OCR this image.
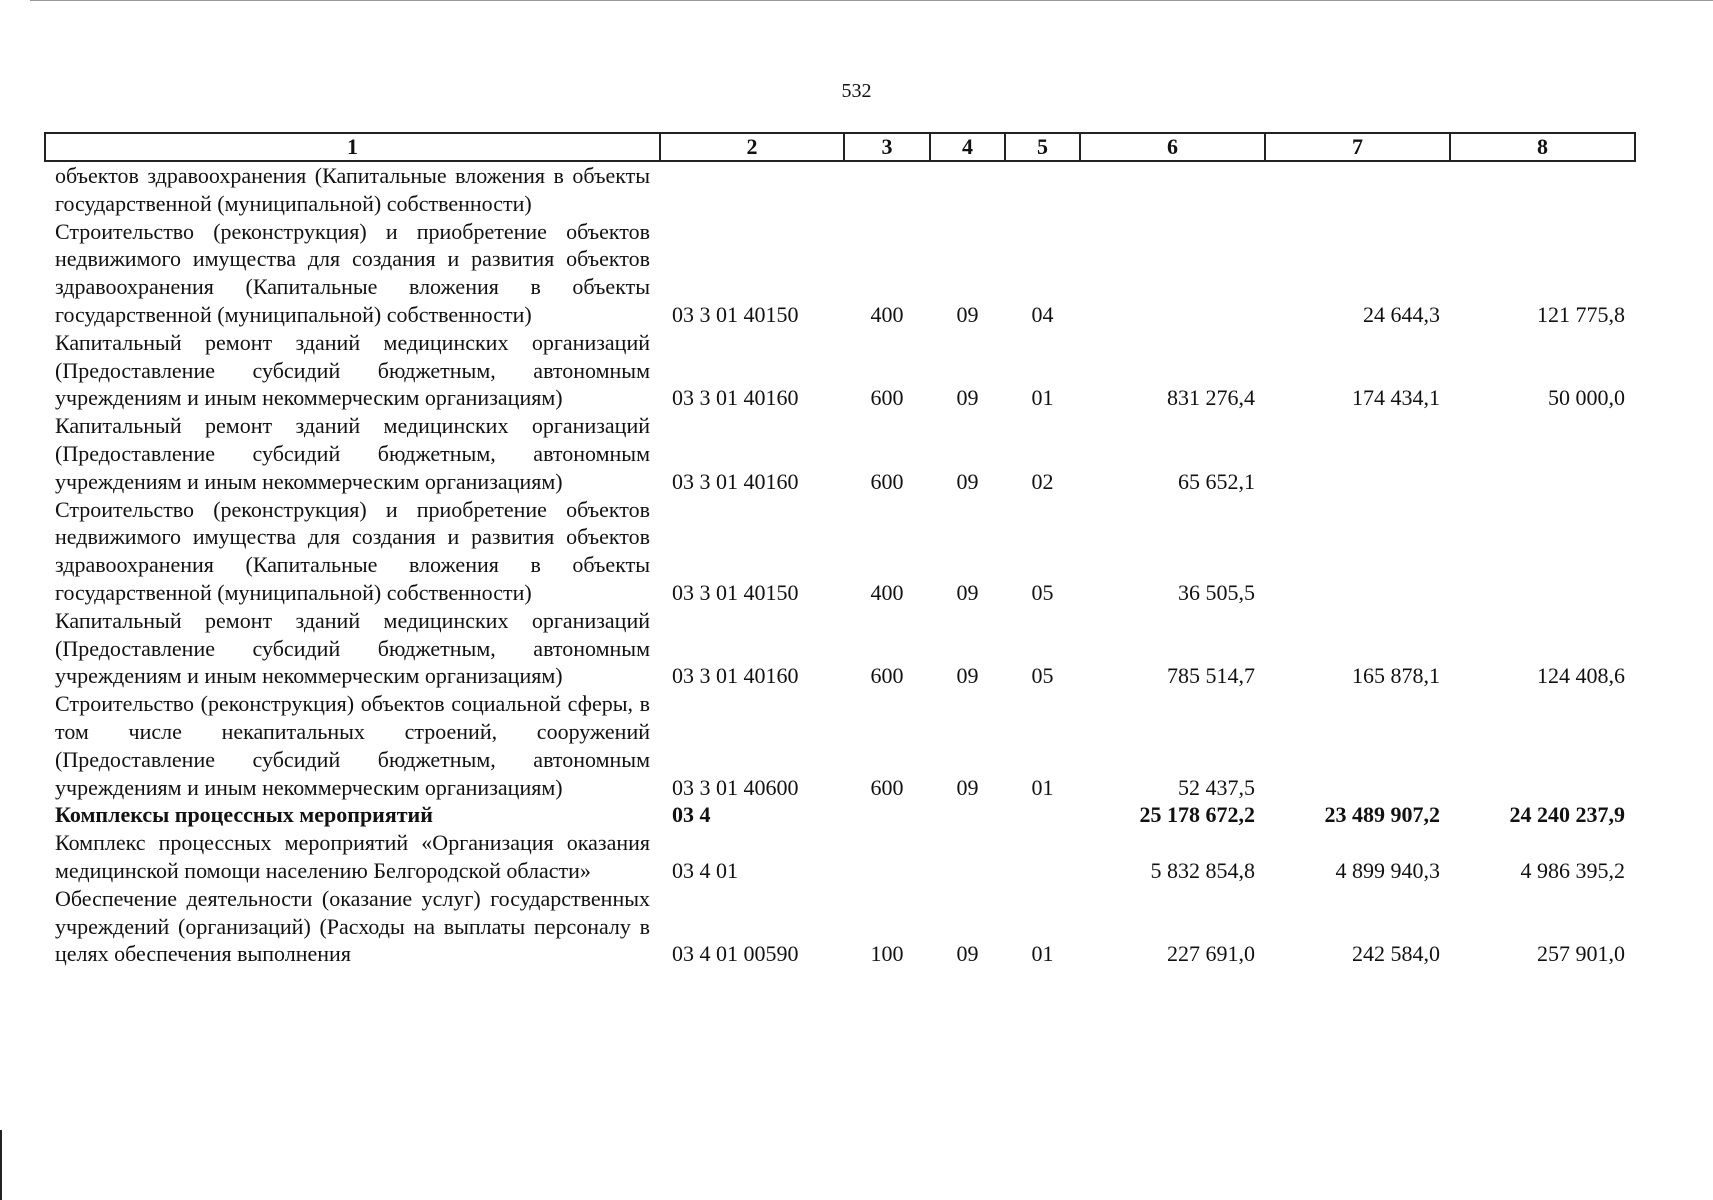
532
1	2	3	4	5	6	7	8
объектов здравоохранения (Капитальные вложения в объекты государственной (муниципальной) собственности)							
Строительство (реконструкция) и приобретение объектов недвижимого имущества для создания и развития объектов здравоохранения (Капитальные вложения в объекты государственной (муниципальной) собственности)	03 3 01 40150	400	09	04		24 644,3	121 775,8
Капитальный ремонт зданий медицинских организаций (Предоставление субсидий бюджетным, автономным учреждениям и иным некоммерческим организациям)	03 3 01 40160	600	09	01	831 276,4	174 434,1	50 000,0
Капитальный ремонт зданий медицинских организаций (Предоставление субсидий бюджетным, автономным учреждениям и иным некоммерческим организациям)	03 3 01 40160	600	09	02	65 652,1		
Строительство (реконструкция) и приобретение объектов недвижимого имущества для создания и развития объектов здравоохранения (Капитальные вложения в объекты государственной (муниципальной) собственности)	03 3 01 40150	400	09	05	36 505,5		
Капитальный ремонт зданий медицинских организаций (Предоставление субсидий бюджетным, автономным учреждениям и иным некоммерческим организациям)	03 3 01 40160	600	09	05	785 514,7	165 878,1	124 408,6
Строительство (реконструкция) объектов социальной сферы, в том числе некапитальных строений, сооружений (Предоставление субсидий бюджетным, автономным учреждениям и иным некоммерческим организациям)	03 3 01 40600	600	09	01	52 437,5		
Комплексы процессных мероприятий	03 4				25 178 672,2	23 489 907,2	24 240 237,9
Комплекс процессных мероприятий «Организация оказания медицинской помощи населению Белгородской области»	03 4 01				5 832 854,8	4 899 940,3	4 986 395,2
Обеспечение деятельности (оказание услуг) государственных учреждений (организаций) (Расходы на выплаты персоналу в целях обеспечения выполнения	03 4 01 00590	100	09	01	227 691,0	242 584,0	257 901,0
